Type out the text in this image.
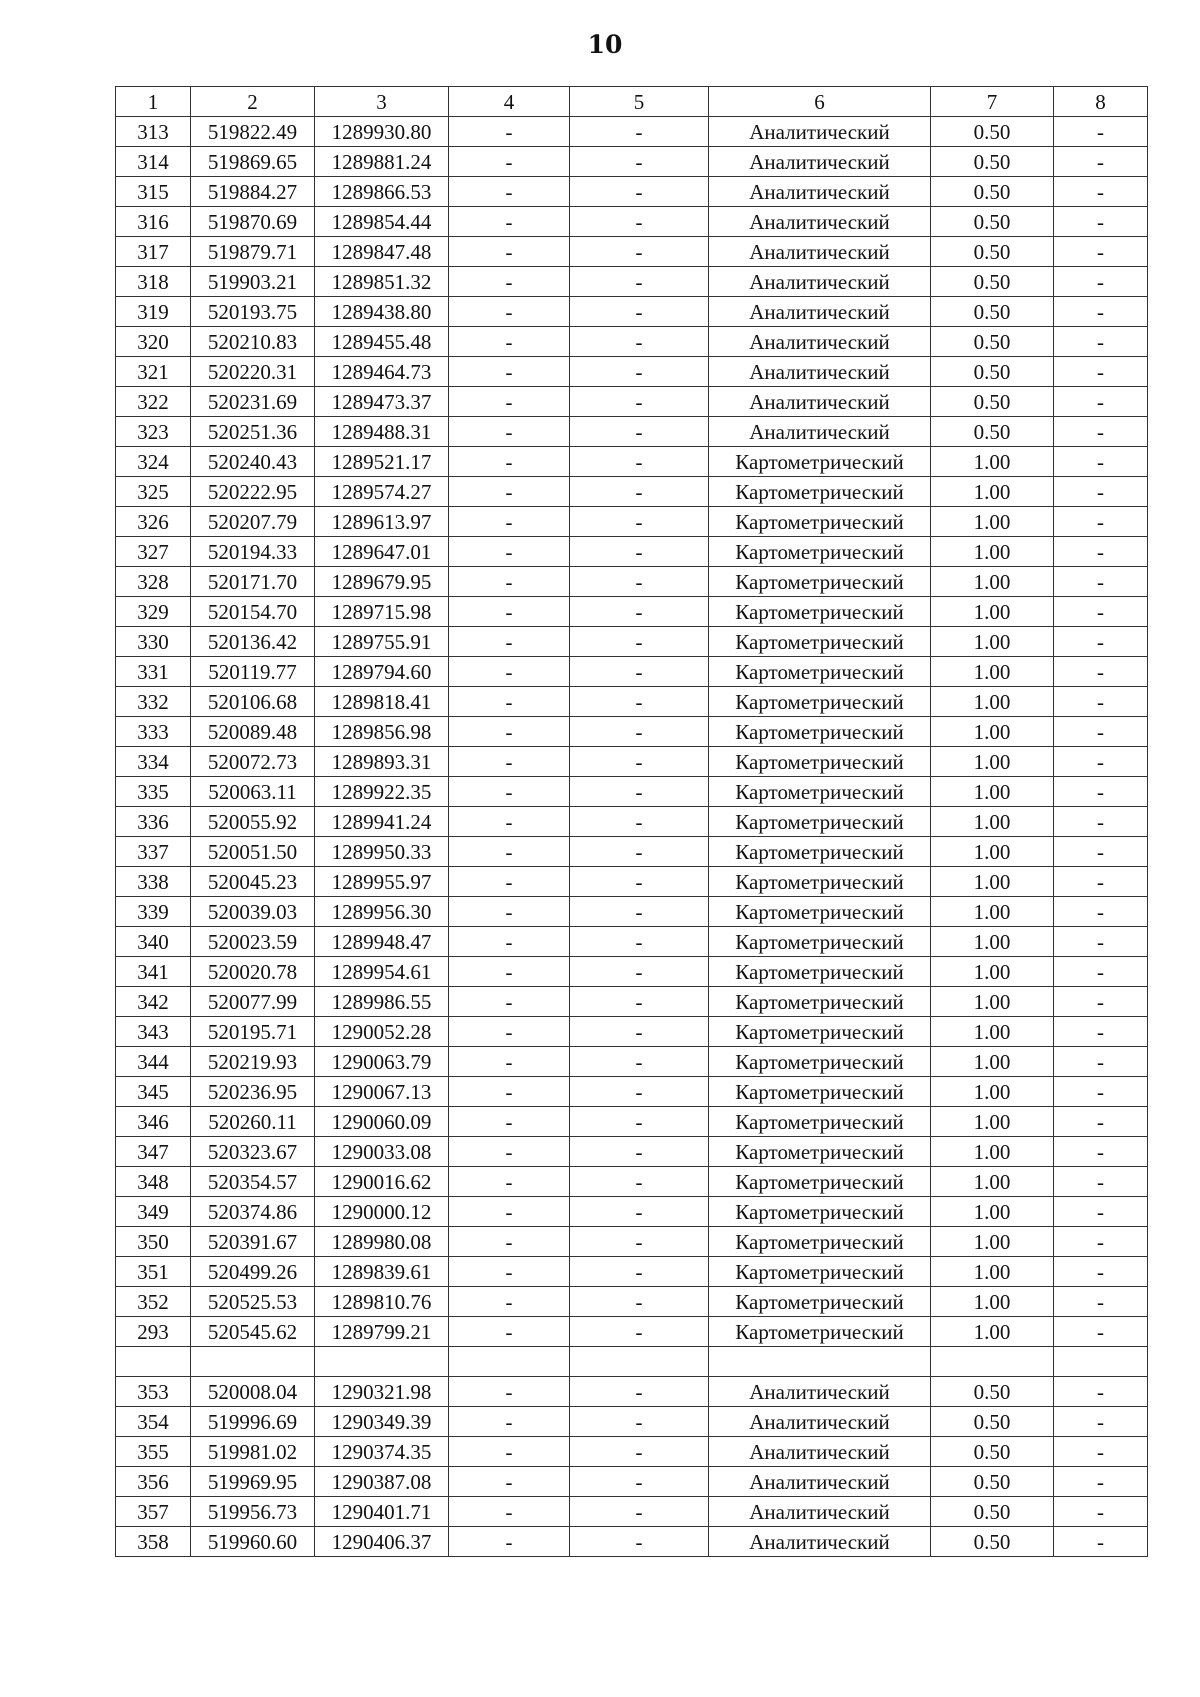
10
1	2	3	4	5	6	7	8
313	519822.49	1289930.80	-	-	Аналитический	0.50	-
314	519869.65	1289881.24	-	-	Аналитический	0.50	-
315	519884.27	1289866.53	-	-	Аналитический	0.50	-
316	519870.69	1289854.44	-	-	Аналитический	0.50	-
317	519879.71	1289847.48	-	-	Аналитический	0.50	-
318	519903.21	1289851.32	-	-	Аналитический	0.50	-
319	520193.75	1289438.80	-	-	Аналитический	0.50	-
320	520210.83	1289455.48	-	-	Аналитический	0.50	-
321	520220.31	1289464.73	-	-	Аналитический	0.50	-
322	520231.69	1289473.37	-	-	Аналитический	0.50	-
323	520251.36	1289488.31	-	-	Аналитический	0.50	-
324	520240.43	1289521.17	-	-	Картометрический	1.00	-
325	520222.95	1289574.27	-	-	Картометрический	1.00	-
326	520207.79	1289613.97	-	-	Картометрический	1.00	-
327	520194.33	1289647.01	-	-	Картометрический	1.00	-
328	520171.70	1289679.95	-	-	Картометрический	1.00	-
329	520154.70	1289715.98	-	-	Картометрический	1.00	-
330	520136.42	1289755.91	-	-	Картометрический	1.00	-
331	520119.77	1289794.60	-	-	Картометрический	1.00	-
332	520106.68	1289818.41	-	-	Картометрический	1.00	-
333	520089.48	1289856.98	-	-	Картометрический	1.00	-
334	520072.73	1289893.31	-	-	Картометрический	1.00	-
335	520063.11	1289922.35	-	-	Картометрический	1.00	-
336	520055.92	1289941.24	-	-	Картометрический	1.00	-
337	520051.50	1289950.33	-	-	Картометрический	1.00	-
338	520045.23	1289955.97	-	-	Картометрический	1.00	-
339	520039.03	1289956.30	-	-	Картометрический	1.00	-
340	520023.59	1289948.47	-	-	Картометрический	1.00	-
341	520020.78	1289954.61	-	-	Картометрический	1.00	-
342	520077.99	1289986.55	-	-	Картометрический	1.00	-
343	520195.71	1290052.28	-	-	Картометрический	1.00	-
344	520219.93	1290063.79	-	-	Картометрический	1.00	-
345	520236.95	1290067.13	-	-	Картометрический	1.00	-
346	520260.11	1290060.09	-	-	Картометрический	1.00	-
347	520323.67	1290033.08	-	-	Картометрический	1.00	-
348	520354.57	1290016.62	-	-	Картометрический	1.00	-
349	520374.86	1290000.12	-	-	Картометрический	1.00	-
350	520391.67	1289980.08	-	-	Картометрический	1.00	-
351	520499.26	1289839.61	-	-	Картометрический	1.00	-
352	520525.53	1289810.76	-	-	Картометрический	1.00	-
293	520545.62	1289799.21	-	-	Картометрический	1.00	-

353	520008.04	1290321.98	-	-	Аналитический	0.50	-
354	519996.69	1290349.39	-	-	Аналитический	0.50	-
355	519981.02	1290374.35	-	-	Аналитический	0.50	-
356	519969.95	1290387.08	-	-	Аналитический	0.50	-
357	519956.73	1290401.71	-	-	Аналитический	0.50	-
358	519960.60	1290406.37	-	-	Аналитический	0.50	-
